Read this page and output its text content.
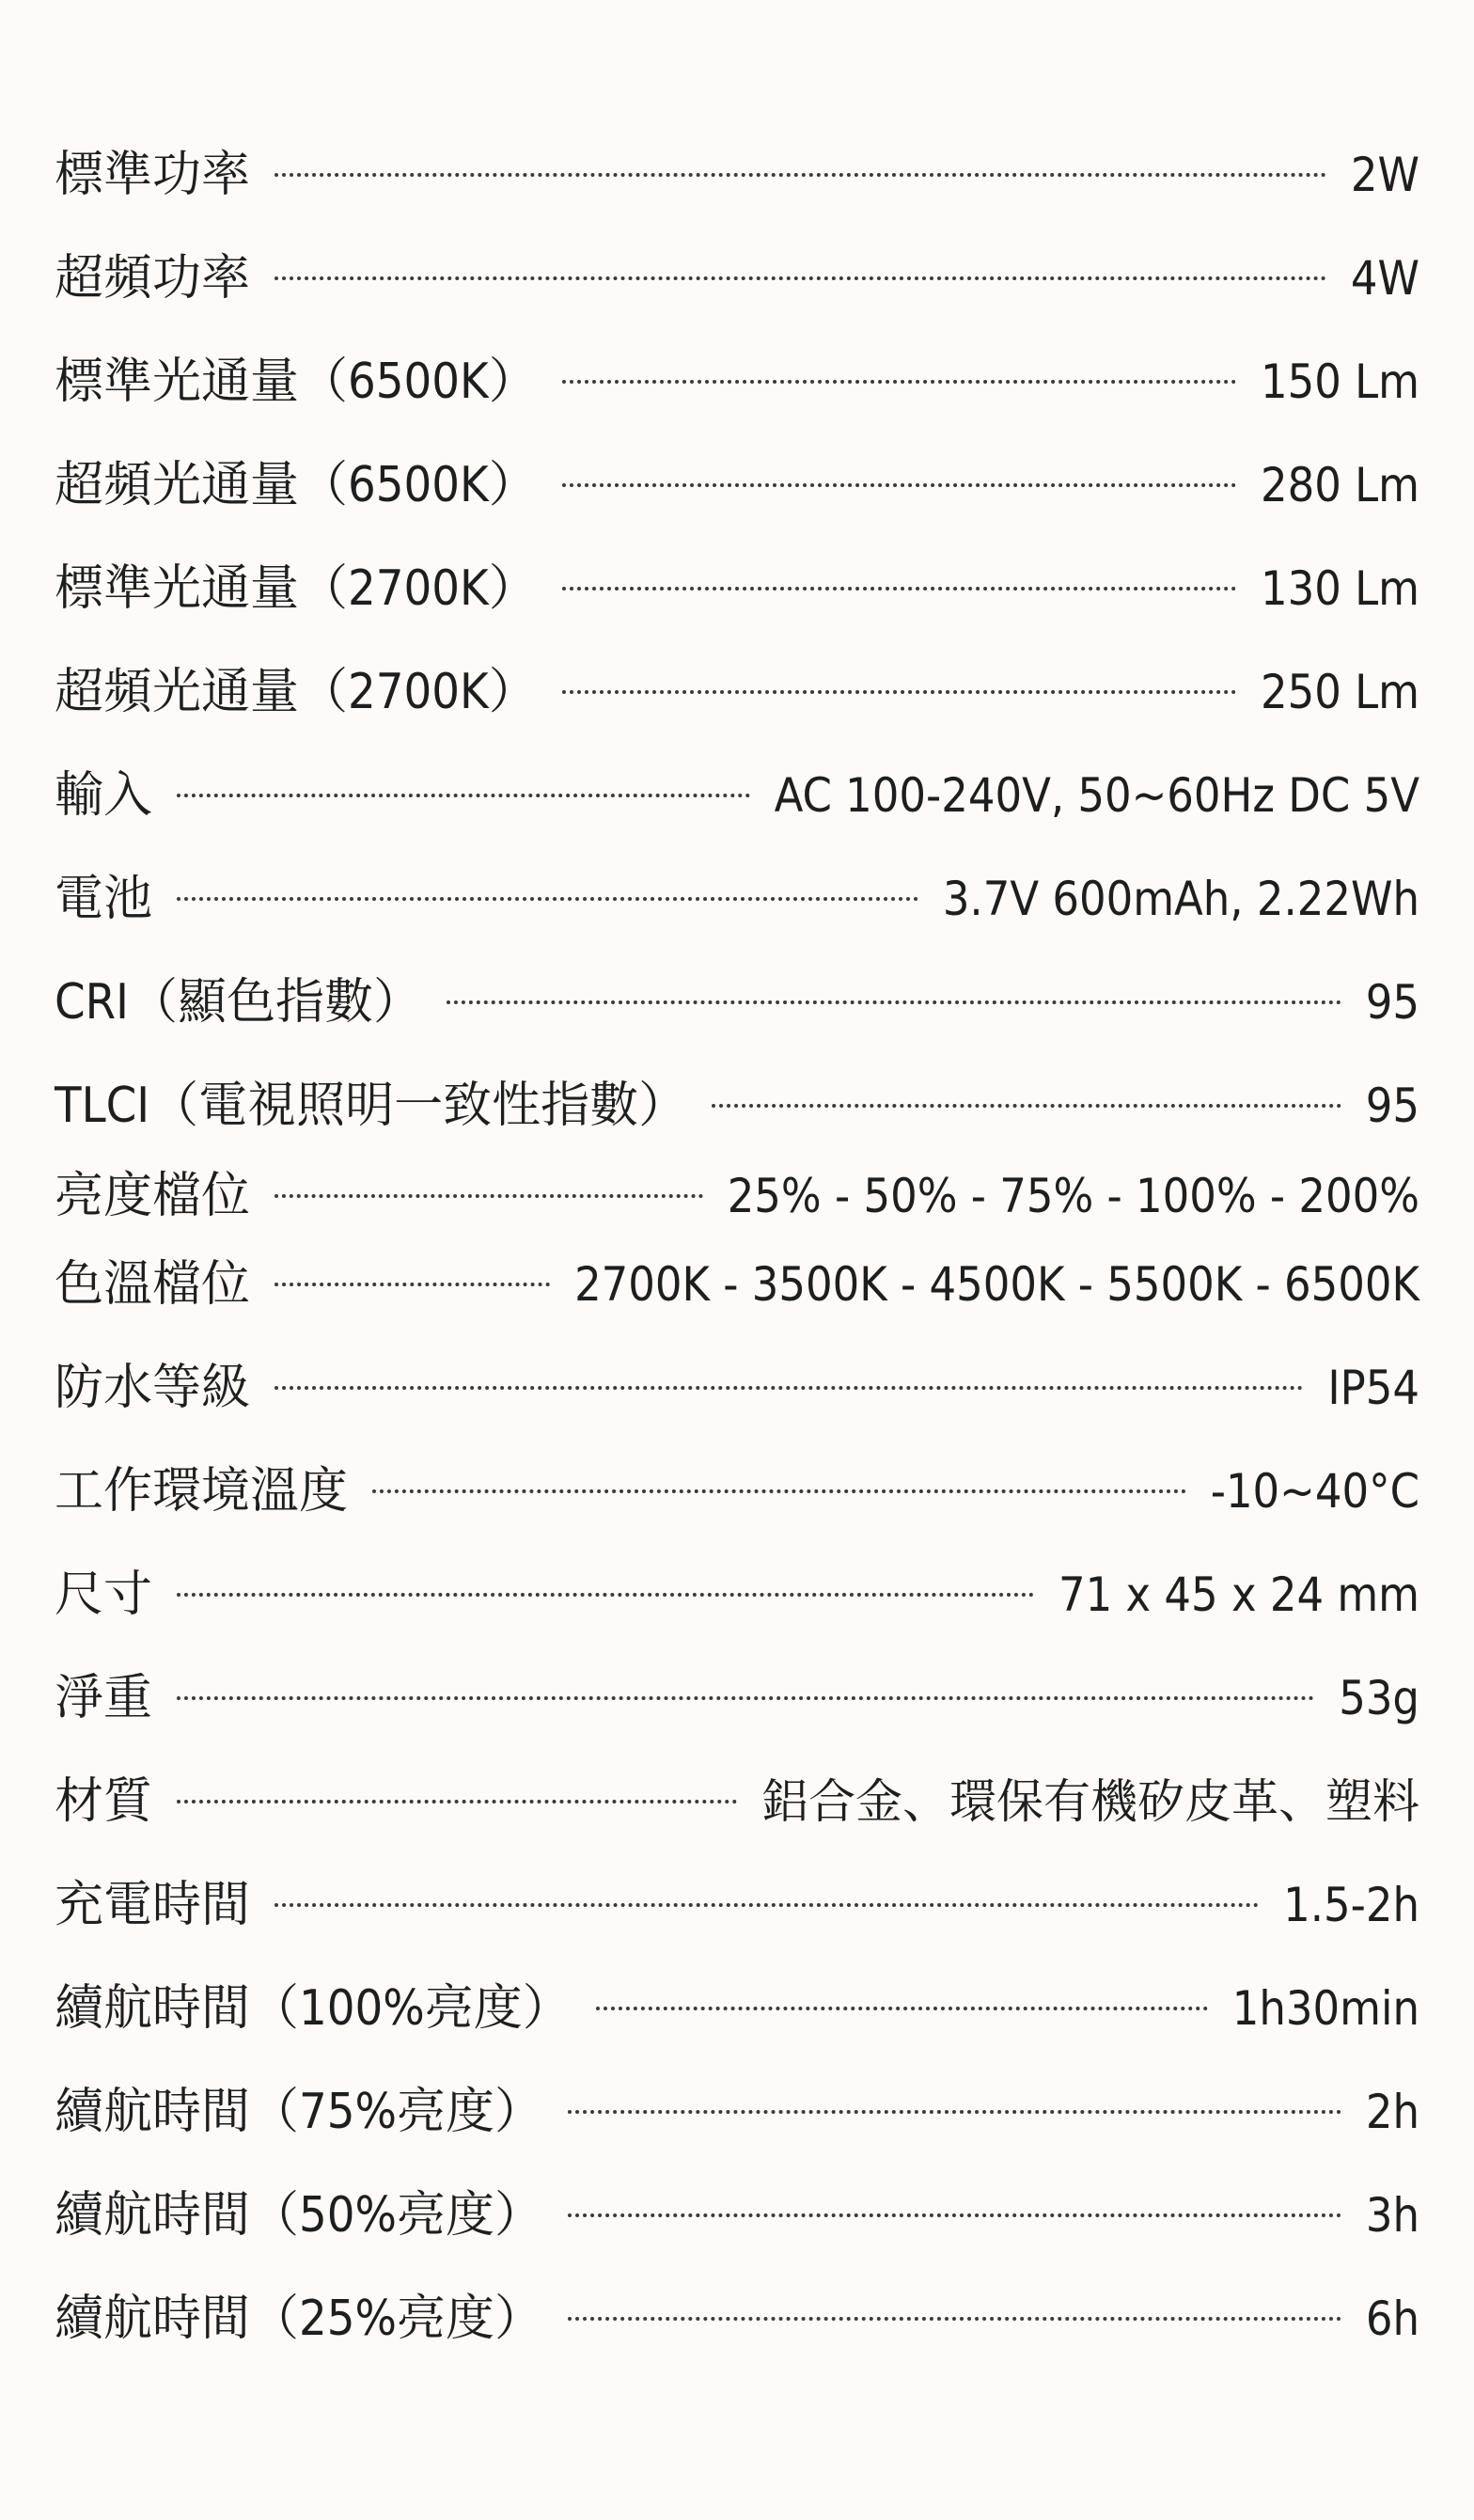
標準功率	2W
超頻功率	4W
標準光通量（6500K）	150 Lm
超頻光通量（6500K）	280 Lm
標準光通量（2700K）	130 Lm
超頻光通量（2700K）	250 Lm
輸入	AC 100-240V, 50~60Hz DC 5V
電池	3.7V 600mAh, 2.22Wh
CRI（顯色指數）	95
TLCI（電視照明一致性指數）	95
亮度檔位	25% - 50% - 75% - 100% - 200%
色溫檔位	2700K - 3500K - 4500K - 5500K - 6500K
防水等級	IP54
工作環境溫度	-10~40°C
尺寸	71 x 45 x 24 mm
淨重	53g
材質	鋁合金、環保有機矽皮革、塑料
充電時間	1.5-2h
續航時間（100%亮度）	1h30min
續航時間（75%亮度）	2h
續航時間（50%亮度）	3h
續航時間（25%亮度）	6h
